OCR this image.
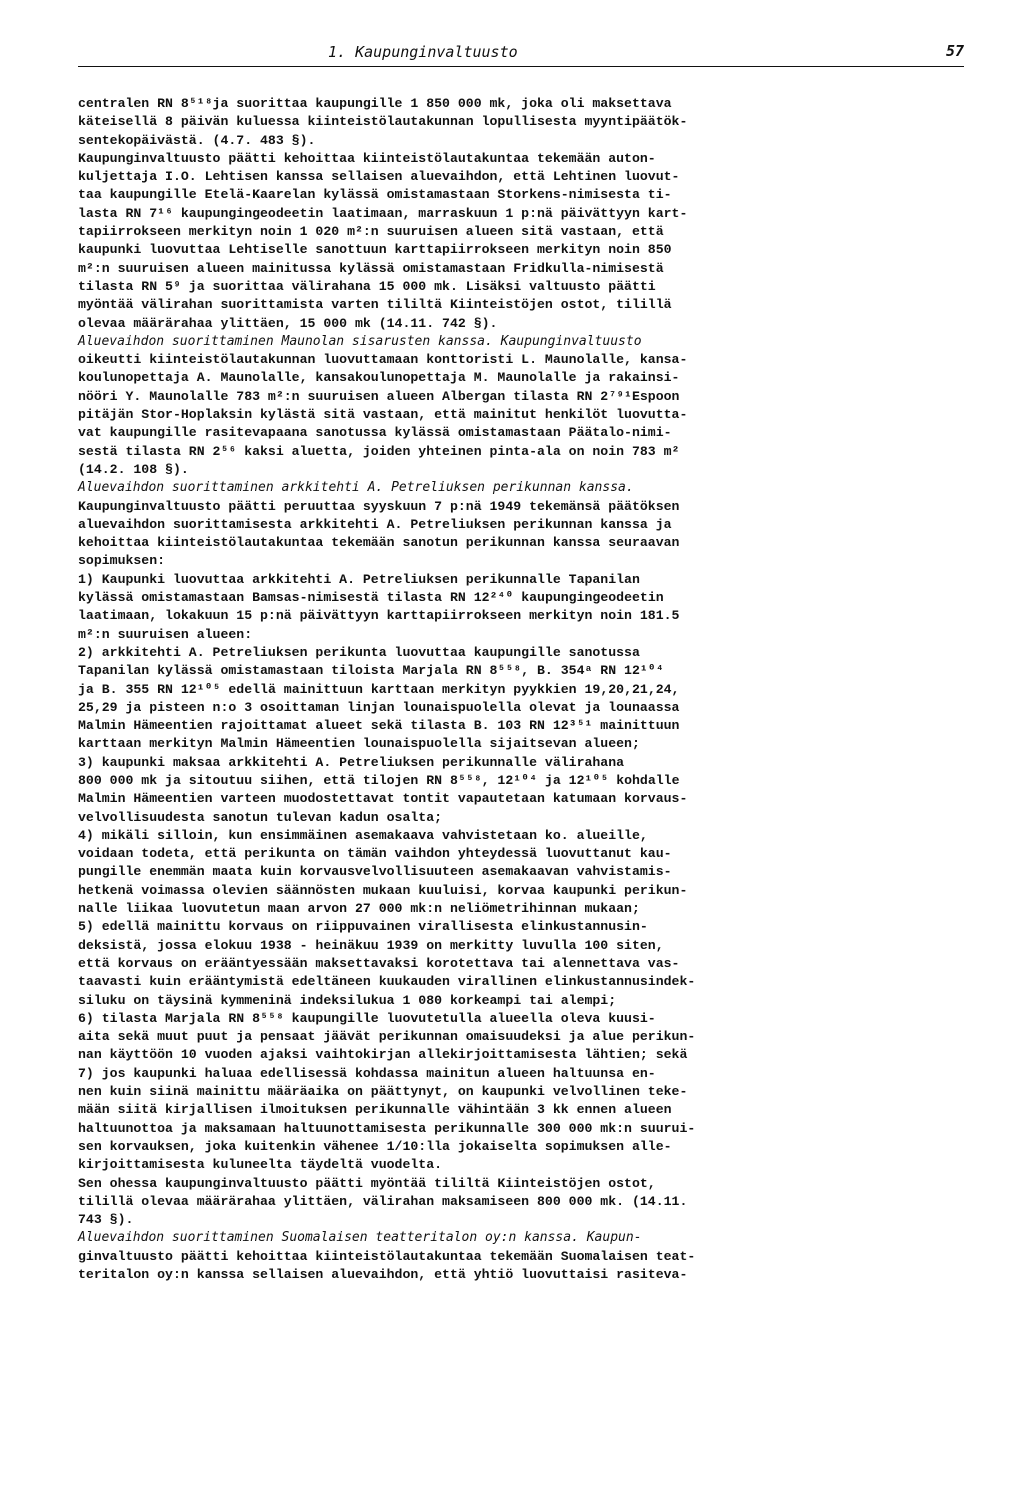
1. Kaupunginvaltuusto	57
centralen RN 8⁵¹⁸ja suorittaa kaupungille 1 850 000 mk, joka oli maksettava
käteisellä 8 päivän kuluessa kiinteistölautakunnan lopullisesta myyntipäätök-
sentekopäivästä. (4.7. 483 §).
Kaupunginvaltuusto päätti kehoittaa kiinteistölautakuntaa tekemään auton-
kuljettaja I.O. Lehtisen kanssa sellaisen aluevaihdon, että Lehtinen luovut-
taa kaupungille Etelä-Kaarelan kylässä omistamastaan Storkens-nimisesta ti-
lasta RN 7¹⁶ kaupungingeodeetin laatimaan, marraskuun 1 p:nä päivättyyn kart-
tapiirrokseen merkityn noin 1 020 m²:n suuruisen alueen sitä vastaan, että
kaupunki luovuttaa Lehtiselle sanottuun karttapiirrokseen merkityn noin 850
m²:n suuruisen alueen mainitussa kylässä omistamastaan Fridkulla-nimisestä
tilasta RN 5⁹ ja suorittaa välirahana 15 000 mk. Lisäksi valtuusto päätti
myöntää välirahan suorittamista varten tililtä Kiinteistöjen ostot, tilillä
olevaa määrärahaa ylittäen, 15 000 mk (14.11. 742 §).
Aluevaihdon suorittaminen Maunolan sisarusten kanssa. Kaupunginvaltuusto
oikeutti kiinteistölautakunnan luovuttamaan konttoristi L. Maunolalle, kansa-
koulunopettaja A. Maunolalle, kansakoulunopettaja M. Maunolalle ja rakainsi-
nööri Y. Maunolalle 783 m²:n suuruisen alueen Albergan tilasta RN 2⁷⁹¹Espoon
pitäjän Stor-Hoplaksin kylästä sitä vastaan, että mainitut henkilöt luovutta-
vat kaupungille rasitevapaana sanotussa kylässä omistamastaan Päätalo-nimi-
sestä tilasta RN 2⁵⁶ kaksi aluetta, joiden yhteinen pinta-ala on noin 783 m²
(14.2. 108 §).
Aluevaihdon suorittaminen arkkitehti A. Petreliuksen perikunnan kanssa.
Kaupunginvaltuusto päätti peruuttaa syyskuun 7 p:nä 1949 tekemänsä päätöksen
aluevaihdon suorittamisesta arkkitehti A. Petreliuksen perikunnan kanssa ja
kehoittaa kiinteistölautakuntaa tekemään sanotun perikunnan kanssa seuraavan
sopimuksen:
1) Kaupunki luovuttaa arkkitehti A. Petreliuksen perikunnalle Tapanilan
kylässä omistamastaan Bamsas-nimisestä tilasta RN 12²⁴⁰ kaupungingeodeetin
laatimaan, lokakuun 15 p:nä päivättyyn karttapiirrokseen merkityn noin 181.5
m²:n suuruisen alueen:
2) arkkitehti A. Petreliuksen perikunta luovuttaa kaupungille sanotussa
Tapanilan kylässä omistamastaan tiloista Marjala RN 8⁵⁵⁸, B. 354ᵃ RN 12¹⁰⁴
ja B. 355 RN 12¹⁰⁵ edellä mainittuun karttaan merkityn pyykkien 19,20,21,24,
25,29 ja pisteen n:o 3 osoittaman linjan lounaispuolella olevat ja lounaassa
Malmin Hämeentien rajoittamat alueet sekä tilasta B. 103 RN 12³⁵¹ mainittuun
karttaan merkityn Malmin Hämeentien lounaispuolella sijaitsevan alueen;
3) kaupunki maksaa arkkitehti A. Petreliuksen perikunnalle välirahana
800 000 mk ja sitoutuu siihen, että tilojen RN 8⁵⁵⁸, 12¹⁰⁴ ja 12¹⁰⁵ kohdalle
Malmin Hämeentien varteen muodostettavat tontit vapautetaan katumaan korvaus-
velvollisuudesta sanotun tulevan kadun osalta;
4) mikäli silloin, kun ensimmäinen asemakaava vahvistetaan ko. alueille,
voidaan todeta, että perikunta on tämän vaihdon yhteydessä luovuttanut kau-
pungille enemmän maata kuin korvausvelvollisuuteen asemakaavan vahvistamis-
hetkenä voimassa olevien säännösten mukaan kuuluisi, korvaa kaupunki perikun-
nalle liikaa luovutetun maan arvon 27 000 mk:n neliömetrihinnan mukaan;
5) edellä mainittu korvaus on riippuvainen virallisesta elinkustannusin-
deksistä, jossa elokuu 1938 - heinäkuu 1939 on merkitty luvulla 100 siten,
että korvaus on erääntyessään maksettavaksi korotettava tai alennettava vas-
taavasti kuin erääntymistä edeltäneen kuukauden virallinen elinkustannusindek-
siluku on täysinä kymmeninä indeksilukua 1 080 korkeampi tai alempi;
6) tilasta Marjala RN 8⁵⁵⁸ kaupungille luovutetulla alueella oleva kuusi-
aita sekä muut puut ja pensaat jäävät perikunnan omaisuudeksi ja alue perikun-
nan käyttöön 10 vuoden ajaksi vaihtokirjan allekirjoittamisesta lähtien; sekä
7) jos kaupunki haluaa edellisessä kohdassa mainitun alueen haltuunsa en-
nen kuin siinä mainittu määräaika on päättynyt, on kaupunki velvollinen teke-
mään siitä kirjallisen ilmoituksen perikunnalle vähintään 3 kk ennen alueen
haltuunottoa ja maksamaan haltuunottamisesta perikunnalle 300 000 mk:n suurui-
sen korvauksen, joka kuitenkin vähenee 1/10:lla jokaiselta sopimuksen alle-
kirjoittamisesta kuluneelta täydeltä vuodelta.
Sen ohessa kaupunginvaltuusto päätti myöntää tililtä Kiinteistöjen ostot,
tilillä olevaa määrärahaa ylittäen, välirahan maksamiseen 800 000 mk. (14.11.
743 §).
Aluevaihdon suorittaminen Suomalaisen teatteritalon oy:n kanssa. Kaupun-
ginvaltuusto päätti kehoittaa kiinteistölautakuntaa tekemään Suomalaisen teat-
teritalon oy:n kanssa sellaisen aluevaihdon, että yhtiö luovuttaisi rasiteva-
